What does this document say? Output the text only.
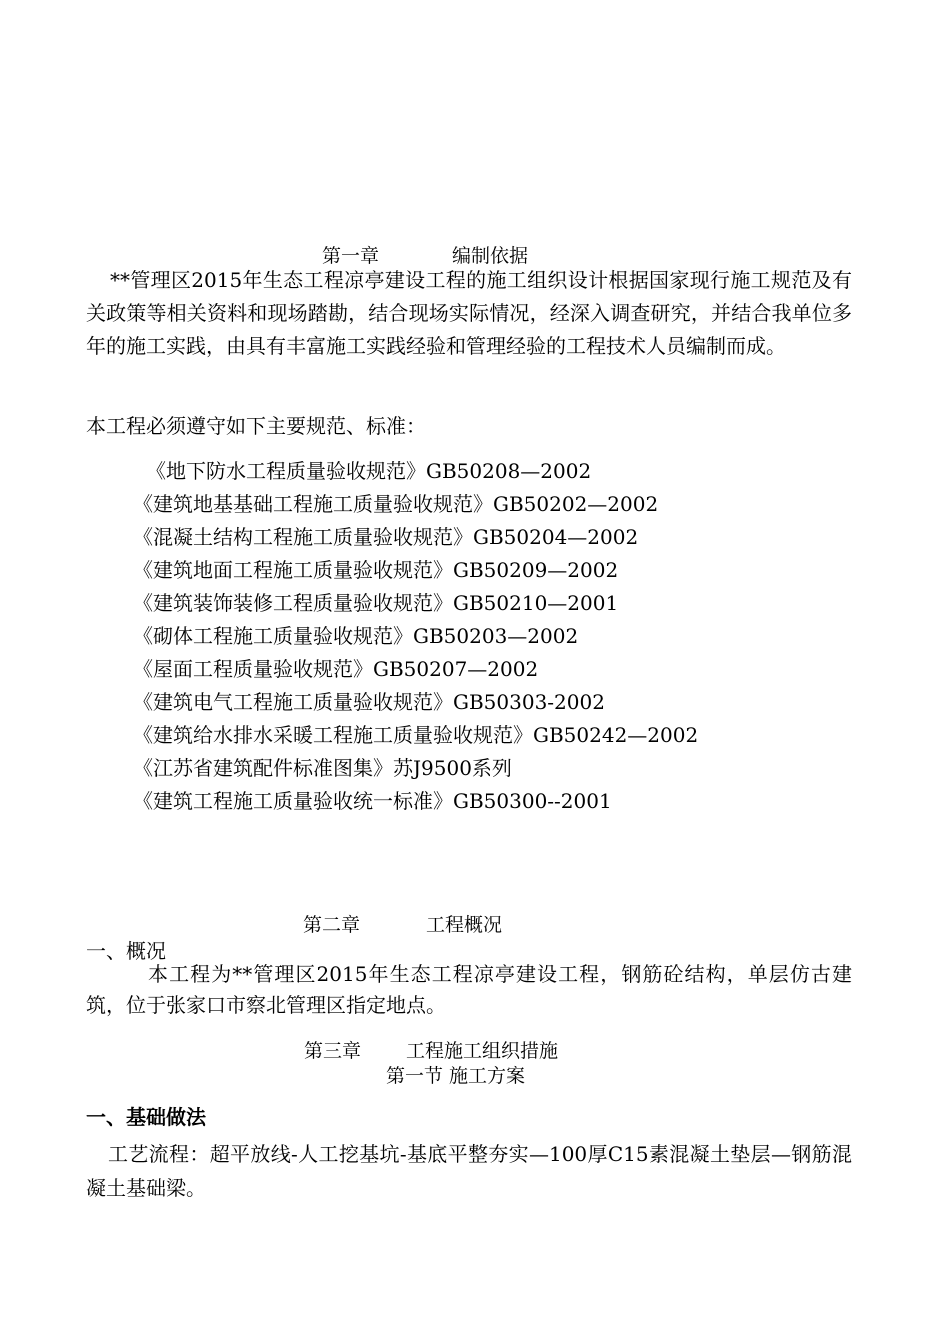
第一章	编制依据
**管理区2015年生态工程凉亭建设工程的施工组织设计根据国家现行施工规范及有关政策等相关资料和现场踏勘，结合现场实际情况，经深入调查研究，并结合我单位多年的施工实践，由具有丰富施工实践经验和管理经验的工程技术人员编制而成。
本工程必须遵守如下主要规范、标准：
《地下防水工程质量验收规范》GB50208—2002
《建筑地基基础工程施工质量验收规范》GB50202—2002
《混凝土结构工程施工质量验收规范》GB50204—2002
《建筑地面工程施工质量验收规范》GB50209—2002
《建筑装饰装修工程质量验收规范》GB50210—2001
《砌体工程施工质量验收规范》GB50203—2002
《屋面工程质量验收规范》GB50207—2002
《建筑电气工程施工质量验收规范》GB50303-2002
《建筑给水排水采暖工程施工质量验收规范》GB50242—2002
《江苏省建筑配件标准图集》苏J9500系列
《建筑工程施工质量验收统一标准》GB50300--2001
第二章	工程概况
一、概况
本工程为**管理区2015年生态工程凉亭建设工程，钢筋砼结构，单层仿古建筑，位于张家口市察北管理区指定地点。
第三章 工程施工组织措施
第一节 施工方案
一、基础做法
工艺流程：超平放线-人工挖基坑-基底平整夯实—100厚C15素混凝土垫层—钢筋混凝土基础梁。
